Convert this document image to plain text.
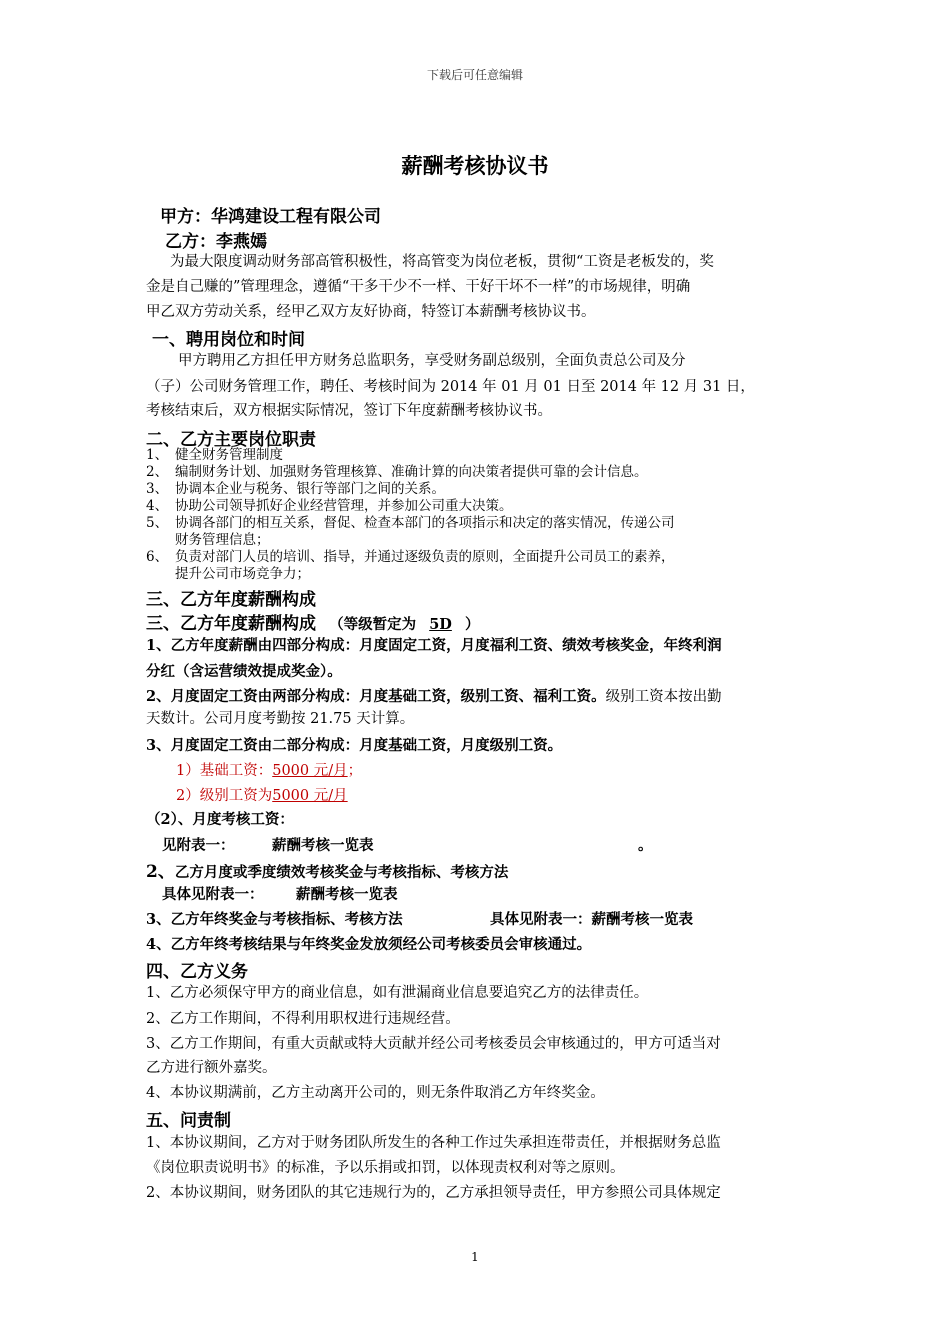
下载后可任意编辑
薪酬考核协议书
甲方：华鸿建设工程有限公司
乙方：李燕嫣
为最大限度调动财务部高管积极性，将高管变为岗位老板，贯彻“工资是老板发的，奖
金是自己赚的”管理理念，遵循“干多干少不一样、干好干坏不一样”的市场规律，明确
甲乙双方劳动关系，经甲乙双方友好协商，特签订本薪酬考核协议书。
一、聘用岗位和时间
甲方聘用乙方担任甲方财务总监职务，享受财务副总级别，全面负责总公司及分
（子）公司财务管理工作，聘任、考核时间为 2014 年 01 月 01 日至 2014 年 12 月 31 日，
考核结束后，双方根据实际情况，签订下年度薪酬考核协议书。
二、乙方主要岗位职责
1、 健全财务管理制度
2、 编制财务计划、加强财务管理核算、准确计算的向决策者提供可靠的会计信息。
3、 协调本企业与税务、银行等部门之间的关系。
4、 协助公司领导抓好企业经营管理，并参加公司重大决策。
5、 协调各部门的相互关系，督促、检查本部门的各项指示和决定的落实情况，传递公司
财务管理信息；
6、 负责对部门人员的培训、指导，并通过逐级负责的原则，全面提升公司员工的素养，
提升公司市场竞争力；
三、乙方年度薪酬构成
三、乙方年度薪酬构成 （等级暂定为 5D ）
1、乙方年度薪酬由四部分构成：月度固定工资，月度福利工资、绩效考核奖金，年终利润
分红（含运营绩效提成奖金）。
2、月度固定工资由两部分构成：月度基础工资，级别工资、福利工资。级别工资本按出勤
天数计。公司月度考勤按 21.75 天计算。
3、月度固定工资由二部分构成：月度基础工资，月度级别工资。
1）基础工资：5000 元/月；
2）级别工资为5000 元/月
（2）、月度考核工资：
见附表一：	薪酬考核一览表	。
2、乙方月度或季度绩效考核奖金与考核指标、考核方法
具体见附表一： 薪酬考核一览表
3、乙方年终奖金与考核指标、考核方法	具体见附表一：薪酬考核一览表
4、乙方年终考核结果与年终奖金发放须经公司考核委员会审核通过。
四、乙方义务
1、乙方必须保守甲方的商业信息，如有泄漏商业信息要追究乙方的法律责任。
2、乙方工作期间，不得利用职权进行违规经营。
3、乙方工作期间，有重大贡献或特大贡献并经公司考核委员会审核通过的，甲方可适当对
乙方进行额外嘉奖。
4、本协议期满前，乙方主动离开公司的，则无条件取消乙方年终奖金。
五、问责制
1、本协议期间，乙方对于财务团队所发生的各种工作过失承担连带责任，并根据财务总监
《岗位职责说明书》的标准，予以乐捐或扣罚，以体现责权利对等之原则。
2、本协议期间，财务团队的其它违规行为的，乙方承担领导责任，甲方参照公司具体规定
1
